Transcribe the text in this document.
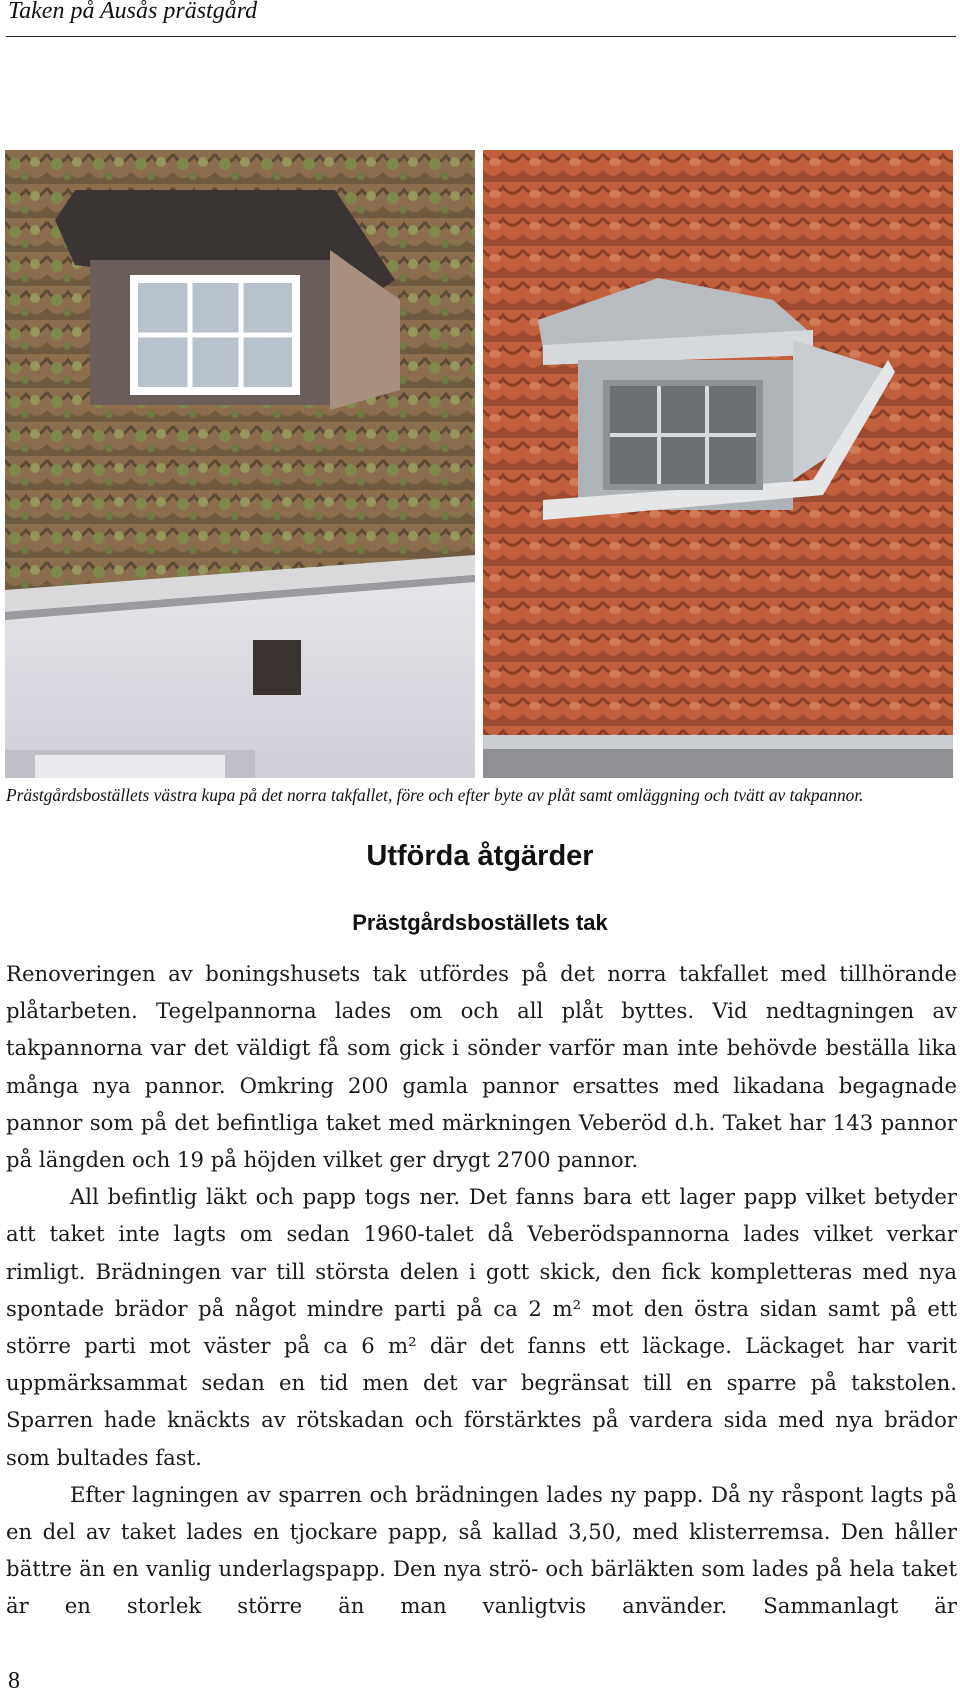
Taken på Ausås prästgård
Prästgårdsboställets västra kupa på det norra takfallet, före och efter byte av plåt samt omläggning och tvätt av takpannor.
Utförda åtgärder
Prästgårdsboställets tak

Renoveringen av boningshusets tak utfördes på det norra takfallet med tillhörande plåtarbeten. Tegelpannorna lades om och all plåt byttes. Vid nedtagningen av takpannorna var det väldigt få som gick i sönder varför man inte behövde beställa lika många nya pannor. Omkring 200 gamla pannor ersattes med likadana begagnade pannor som på det befintliga taket med märkningen Veberöd d.h. Taket har 143 pannor på längden och 19 på höjden vilket ger drygt 2700 pannor.

All befintlig läkt och papp togs ner. Det fanns bara ett lager papp vilket betyder att taket inte lagts om sedan 1960-talet då Veberödspannorna lades vilket verkar rimligt. Brädningen var till största delen i gott skick, den fick kompletteras med nya spontade brädor på något mindre parti på ca 2 m² mot den östra sidan samt på ett större parti mot väster på ca 6 m² där det fanns ett läckage. Läckaget har varit uppmärksammat sedan en tid men det var begränsat till en sparre på takstolen. Sparren hade knäckts av rötskadan och förstärktes på vardera sida med nya brädor som bultades fast.

Efter lagningen av sparren och brädningen lades ny papp. Då ny råspont lagts på en del av taket lades en tjockare papp, så kallad 3,50, med klisterremsa. Den håller bättre än en vanlig underlagspapp. Den nya strö- och bärläkten som lades på hela taket är en storlek större än man vanligtvis använder. Sammanlagt är

8
